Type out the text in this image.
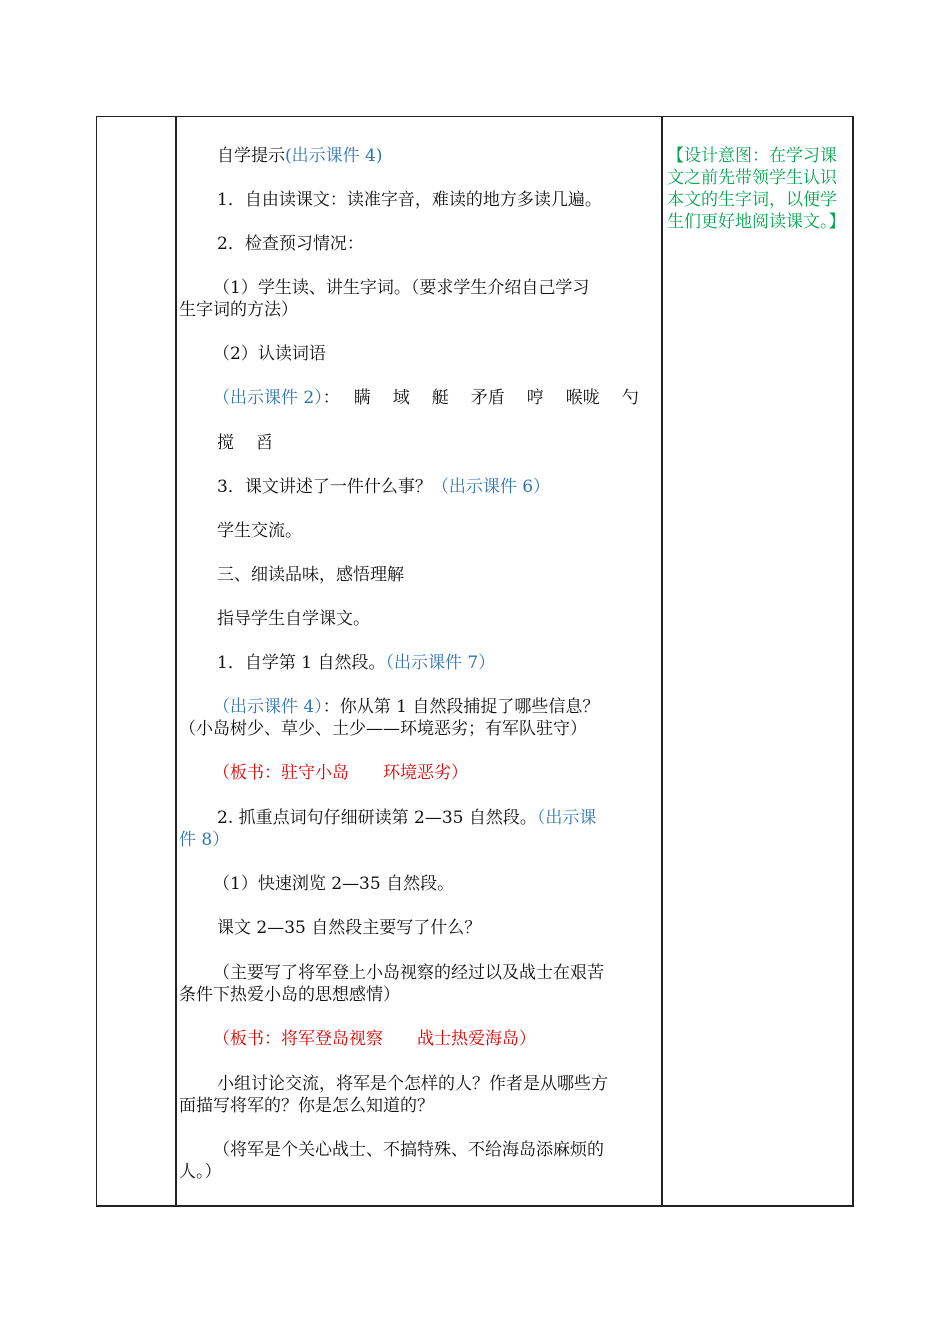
自学提示(出示课件 4)
1．自由读课文：读准字音，难读的地方多读几遍。
2．检查预习情况：
（1）学生读、讲生字词。（要求学生介绍自己学习
生字词的方法）
（2）认读词语
（出示课件 2）： 瞒 域 艇 矛盾 哼 喉咙 勺
搅 舀
3．课文讲述了一件什么事？（出示课件 6）
学生交流。
三、细读品味，感悟理解
指导学生自学课文。
1．自学第 1 自然段。（出示课件 7）
（出示课件 4）：你从第 1 自然段捕捉了哪些信息？
（小岛树少、草少、土少——环境恶劣；有军队驻守）
（板书：驻守小岛　　环境恶劣）
2. 抓重点词句仔细研读第 2—35 自然段。（出示课
件 8）
（1）快速浏览 2—35 自然段。
课文 2—35 自然段主要写了什么？
（主要写了将军登上小岛视察的经过以及战士在艰苦
条件下热爱小岛的思想感情）
（板书：将军登岛视察　　战士热爱海岛）
小组讨论交流，将军是个怎样的人？作者是从哪些方
面描写将军的？你是怎么知道的？
（将军是个关心战士、不搞特殊、不给海岛添麻烦的
人。）
【设计意图：在学习课文之前先带领学生认识本文的生字词，以便学生们更好地阅读课文。】
